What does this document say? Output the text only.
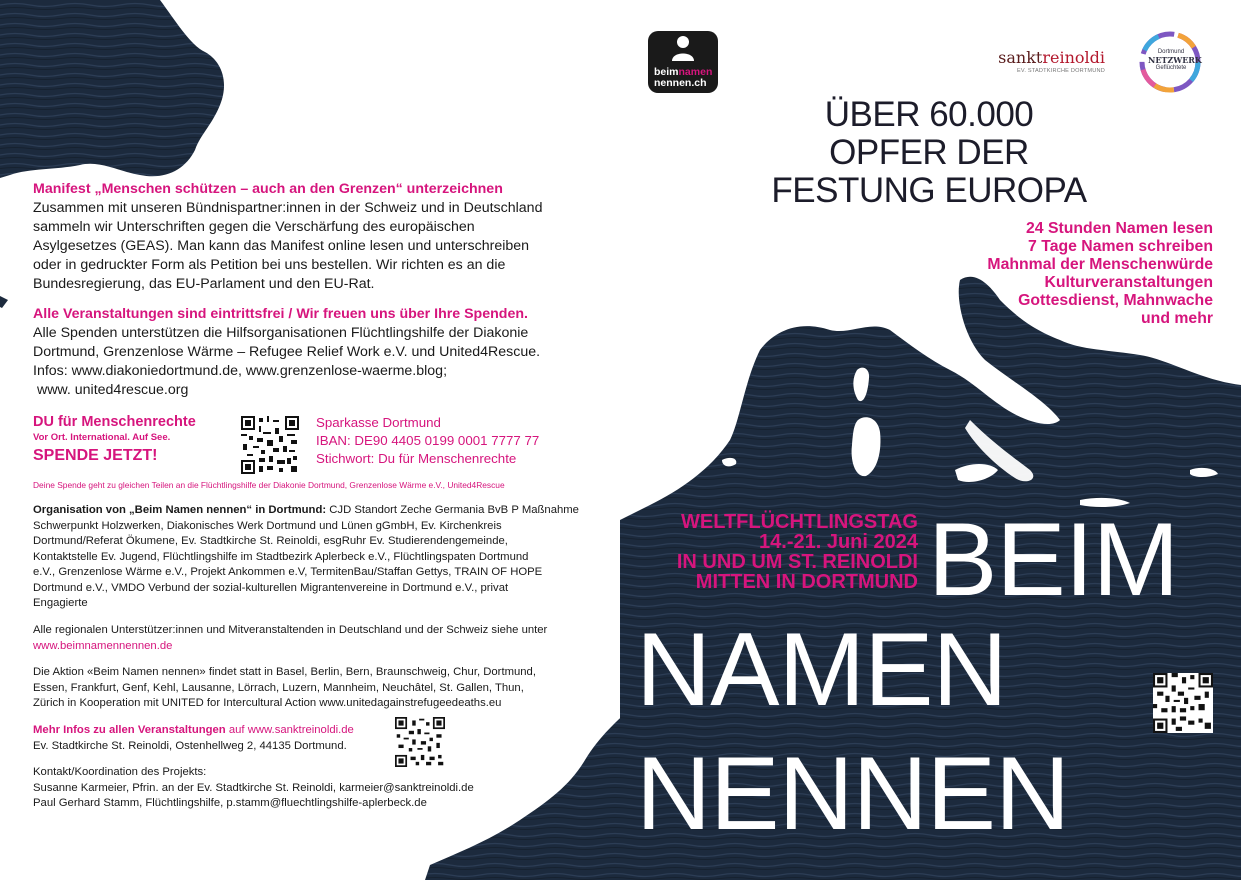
Manifest „Menschen schützen – auch an den Grenzen“ unterzeichnen
Zusammen mit unseren Bündnispartner:innen in der Schweiz und in Deutschland
sammeln wir Unterschriften gegen die Verschärfung des europäischen
Asylgesetzes (GEAS). Man kann das Manifest online lesen und unterschreiben
oder in gedruckter Form als Petition bei uns bestellen. Wir richten es an die
Bundesregierung, das EU-Parlament und den EU-Rat.
Alle Veranstaltungen sind eintrittsfrei / Wir freuen uns über Ihre Spenden.
Alle Spenden unterstützen die Hilfsorganisationen Flüchtlingshilfe der Diakonie
Dortmund, Grenzenlose Wärme – Refugee Relief Work e.V. und United4Rescue.
Infos: www.diakoniedortmund.de, www.grenzenlose-waerme.blog;
www. united4rescue.org
DU für Menschenrechte
Vor Ort. International. Auf See.
SPENDE JETZT!
Sparkasse Dortmund
IBAN: DE90 4405 0199 0001 7777 77
Stichwort: Du für Menschenrechte
Deine Spende geht zu gleichen Teilen an die Flüchtlingshilfe der Diakonie Dortmund, Grenzenlose Wärme e.V., United4Rescue
Organisation von „Beim Namen nennen“ in Dortmund: CJD Standort Zeche Germania BvB P Maßnahme
Schwerpunkt Holzwerken, Diakonisches Werk Dortmund und Lünen gGmbH, Ev. Kirchenkreis
Dortmund/Referat Ökumene, Ev. Stadtkirche St. Reinoldi, esgRuhr Ev. Studierendengemeinde,
Kontaktstelle Ev. Jugend, Flüchtlingshilfe im Stadtbezirk Aplerbeck e.V., Flüchtlingspaten Dortmund
e.V., Grenzenlose Wärme e.V., Projekt Ankommen e.V, TermitenBau/Staffan Gettys, TRAIN OF HOPE
Dortmund e.V., VMDO Verbund der sozial-kulturellen Migrantenvereine in Dortmund e.V., privat
Engagierte
Alle regionalen Unterstützer:innen und Mitveranstaltenden in Deutschland und der Schweiz siehe unter
www.beimnamennennen.de
Die Aktion «Beim Namen nennen» findet statt in Basel, Berlin, Bern, Braunschweig, Chur, Dortmund,
Essen, Frankfurt, Genf, Kehl, Lausanne, Lörrach, Luzern, Mannheim, Neuchâtel, St. Gallen, Thun,
Zürich in Kooperation mit UNITED for Intercultural Action www.unitedagainstrefugeedeaths.eu
Mehr Infos zu allen Veranstaltungen auf www.sanktreinoldi.de
Ev. Stadtkirche St. Reinoldi, Ostenhellweg 2, 44135 Dortmund.
Kontakt/Koordination des Projekts:
Susanne Karmeier, Pfrin. an der Ev. Stadtkirche St. Reinoldi, karmeier@sanktreinoldi.de
Paul Gerhard Stamm, Flüchtlingshilfe, p.stamm@fluechtlingshilfe-aplerbeck.de
beimnamen
nennen.ch
sanktreinoldi
EV. STADTKIRCHE DORTMUND
Dortmund
NETZWERK
Geflüchtete
ÜBER 60.000
OPFER DER
FESTUNG EUROPA
24 Stunden Namen lesen
7 Tage Namen schreiben
Mahnmal der Menschenwürde
Kulturveranstaltungen
Gottesdienst, Mahnwache
und mehr
WELTFLÜCHTLINGSTAG
14.-21. Juni 2024
IN UND UM ST. REINOLDI
MITTEN IN DORTMUND BEIM
NAMEN
NENNEN
